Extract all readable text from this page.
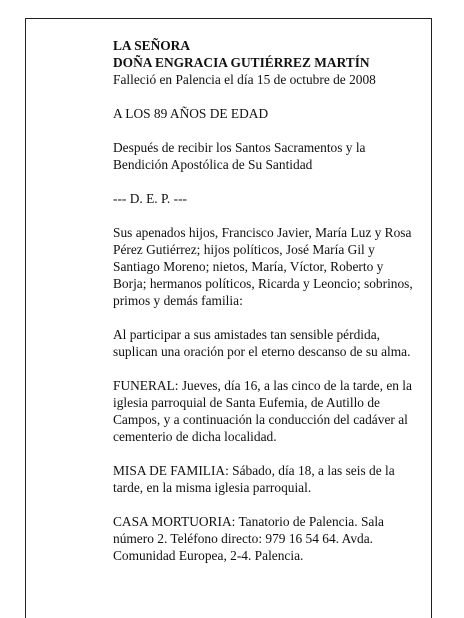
LA SEÑORA

DOÑA ENGRACIA GUTIÉRREZ MARTÍN

Falleció en Palencia el día 15 de octubre de 2008

A LOS 89 AÑOS DE EDAD

Después de recibir los Santos Sacramentos y la Bendición Apostólica de Su Santidad

--- D. E. P. ---

Sus apenados hijos, Francisco Javier, María Luz y Rosa Pérez Gutiérrez; hijos políticos, José María Gil y Santiago Moreno; nietos, María, Víctor, Roberto y Borja; hermanos políticos, Ricarda y Leoncio; sobrinos, primos y demás familia:

Al participar a sus amistades tan sensible pérdida, suplican una oración por el eterno descanso de su alma.

FUNERAL: Jueves, día 16, a las cinco de la tarde, en la iglesia parroquial de Santa Eufemia, de Autillo de Campos, y a continuación la conducción del cadáver al cementerio de dicha localidad.

MISA DE FAMILIA: Sábado, día 18, a las seis de la tarde, en la misma iglesia parroquial.

CASA MORTUORIA: Tanatorio de Palencia. Sala número 2. Teléfono directo: 979 16 54 64. Avda. Comunidad Europea, 2-4. Palencia.
